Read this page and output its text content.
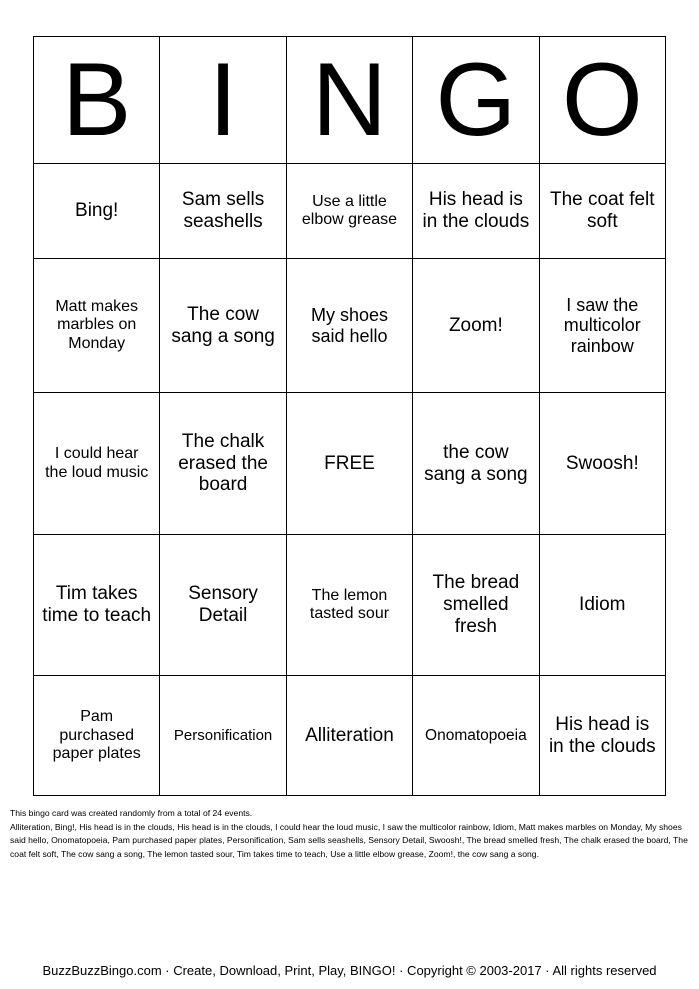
B	I	N	G	O
Bing!	Sam sells seashells	Use a little elbow grease	His head is in the clouds	The coat felt soft
Matt makes marbles on Monday	The cow sang a song	My shoes said hello	Zoom!	I saw the multicolor rainbow
I could hear the loud music	The chalk erased the board	FREE	the cow sang a song	Swoosh!
Tim takes time to teach	Sensory Detail	The lemon tasted sour	The bread smelled fresh	Idiom
Pam purchased paper plates	Personification	Alliteration	Onomatopoeia	His head is in the clouds
This bingo card was created randomly from a total of 24 events.
Alliteration, Bing!, His head is in the clouds, His head is in the clouds, I could hear the loud music, I saw the multicolor rainbow, Idiom, Matt makes marbles on Monday, My shoes said hello, Onomatopoeia, Pam purchased paper plates, Personification, Sam sells seashells, Sensory Detail, Swoosh!, The bread smelled fresh, The chalk erased the board, The coat felt soft, The cow sang a song, The lemon tasted sour, Tim takes time to teach, Use a little elbow grease, Zoom!, the cow sang a song.
BuzzBuzzBingo.com · Create, Download, Print, Play, BINGO! · Copyright © 2003-2017 · All rights reserved
